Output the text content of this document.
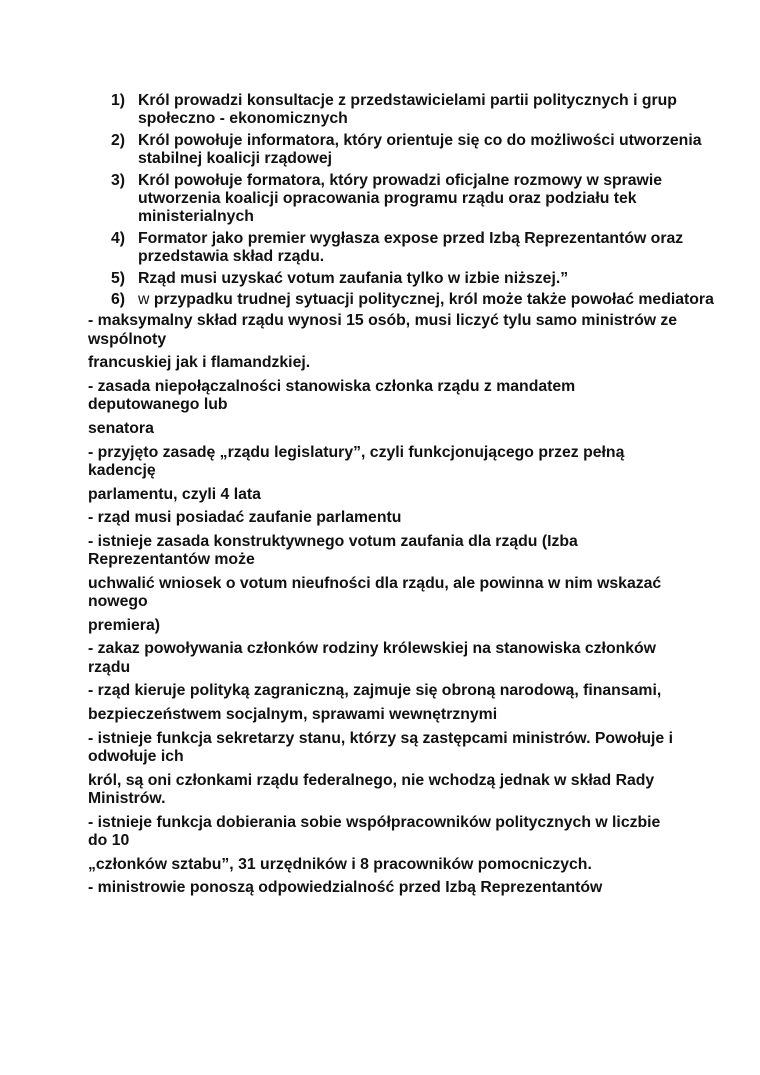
1) Król prowadzi konsultacje z przedstawicielami partii politycznych i grup społeczno - ekonomicznych
2) Król powołuje informatora, który orientuje się co do możliwości utworzenia stabilnej koalicji rządowej
3) Król powołuje formatora, który prowadzi oficjalne rozmowy w sprawie utworzenia koalicji opracowania programu rządu oraz podziału tek ministerialnych
4) Formator jako premier wygłasza expose przed Izbą Reprezentantów oraz przedstawia skład rządu.
5) Rząd musi uzyskać votum zaufania tylko w izbie niższej.”
6) w przypadku trudnej sytuacji politycznej, król może także powołać mediatora

- maksymalny skład rządu wynosi 15 osób, musi liczyć tylu samo ministrów ze wspólnoty

francuskiej jak i flamandzkiej.

- zasada niepołączalności stanowiska członka rządu z mandatem deputowanego lub

senatora

- przyjęto zasadę „rządu legislatury”, czyli funkcjonującego przez pełną kadencję

parlamentu, czyli 4 lata

- rząd musi posiadać zaufanie parlamentu

- istnieje zasada konstruktywnego votum zaufania dla rządu (Izba Reprezentantów może

uchwalić wniosek o votum nieufności dla rządu, ale powinna w nim wskazać nowego

premiera)

- zakaz powoływania członków rodziny królewskiej na stanowiska członków rządu

- rząd kieruje polityką zagraniczną, zajmuje się obroną narodową, finansami,

bezpieczeństwem socjalnym, sprawami wewnętrznymi

- istnieje funkcja sekretarzy stanu, którzy są zastępcami ministrów. Powołuje i odwołuje ich

król, są oni członkami rządu federalnego, nie wchodzą jednak w skład Rady Ministrów.

- istnieje funkcja dobierania sobie współpracowników politycznych w liczbie do 10

„członków sztabu”, 31 urzędników i 8 pracowników pomocniczych.

- ministrowie ponoszą odpowiedzialność przed Izbą Reprezentantów
